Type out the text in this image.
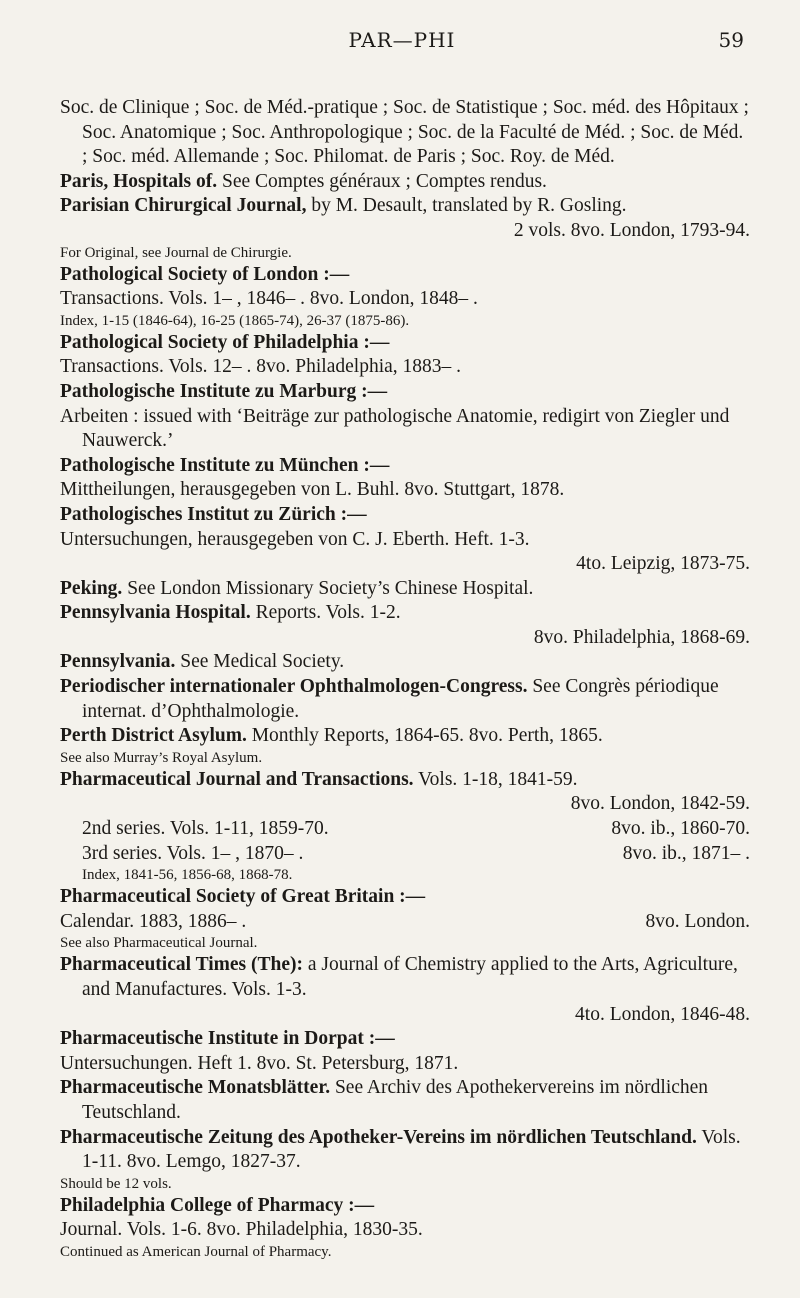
PAR—PHI	59
Soc. de Clinique ; Soc. de Méd.-pratique ; Soc. de Statistique ; Soc. méd. des Hôpitaux ; Soc. Anatomique ; Soc. Anthropologique ; Soc. de la Faculté de Méd. ; Soc. de Méd. ; Soc. méd. Allemande ; Soc. Philomat. de Paris ; Soc. Roy. de Méd.
Paris, Hospitals of. See Comptes généraux ; Comptes rendus.
Parisian Chirurgical Journal, by M. Desault, translated by R. Gosling.
2 vols. 8vo. London, 1793-94.
For Original, see Journal de Chirurgie.
Pathological Society of London :—
Transactions. Vols. 1– , 1846– . 8vo. London, 1848– .
Index, 1-15 (1846-64), 16-25 (1865-74), 26-37 (1875-86).
Pathological Society of Philadelphia :—
Transactions. Vols. 12– . 8vo. Philadelphia, 1883– .
Pathologische Institute zu Marburg :—
Arbeiten : issued with ‘Beiträge zur pathologische Anatomie, redigirt von Ziegler und Nauwerck.’
Pathologische Institute zu München :—
Mittheilungen, herausgegeben von L. Buhl. 8vo. Stuttgart, 1878.
Pathologisches Institut zu Zürich :—
Untersuchungen, herausgegeben von C. J. Eberth. Heft. 1-3.
4to. Leipzig, 1873-75.
Peking. See London Missionary Society’s Chinese Hospital.
Pennsylvania Hospital. Reports. Vols. 1-2.
8vo. Philadelphia, 1868-69.
Pennsylvania. See Medical Society.
Periodischer internationaler Ophthalmologen-Congress. See Congrès périodique internat. d’Ophthalmologie.
Perth District Asylum. Monthly Reports, 1864-65. 8vo. Perth, 1865.
See also Murray’s Royal Asylum.
Pharmaceutical Journal and Transactions. Vols. 1-18, 1841-59.
8vo. London, 1842-59.
2nd series. Vols. 1-11, 1859-70.	8vo. ib., 1860-70.
3rd series. Vols. 1– , 1870– .	8vo. ib., 1871– .
Index, 1841-56, 1856-68, 1868-78.
Pharmaceutical Society of Great Britain :—
Calendar. 1883, 1886– .	8vo. London.
See also Pharmaceutical Journal.
Pharmaceutical Times (The): a Journal of Chemistry applied to the Arts, Agriculture, and Manufactures. Vols. 1-3.
4to. London, 1846-48.
Pharmaceutische Institute in Dorpat :—
Untersuchungen. Heft 1. 8vo. St. Petersburg, 1871.
Pharmaceutische Monatsblätter. See Archiv des Apothekervereins im nördlichen Teutschland.
Pharmaceutische Zeitung des Apotheker-Vereins im nördlichen Teutschland. Vols. 1-11. 8vo. Lemgo, 1827-37.
Should be 12 vols.
Philadelphia College of Pharmacy :—
Journal. Vols. 1-6. 8vo. Philadelphia, 1830-35.
Continued as American Journal of Pharmacy.
